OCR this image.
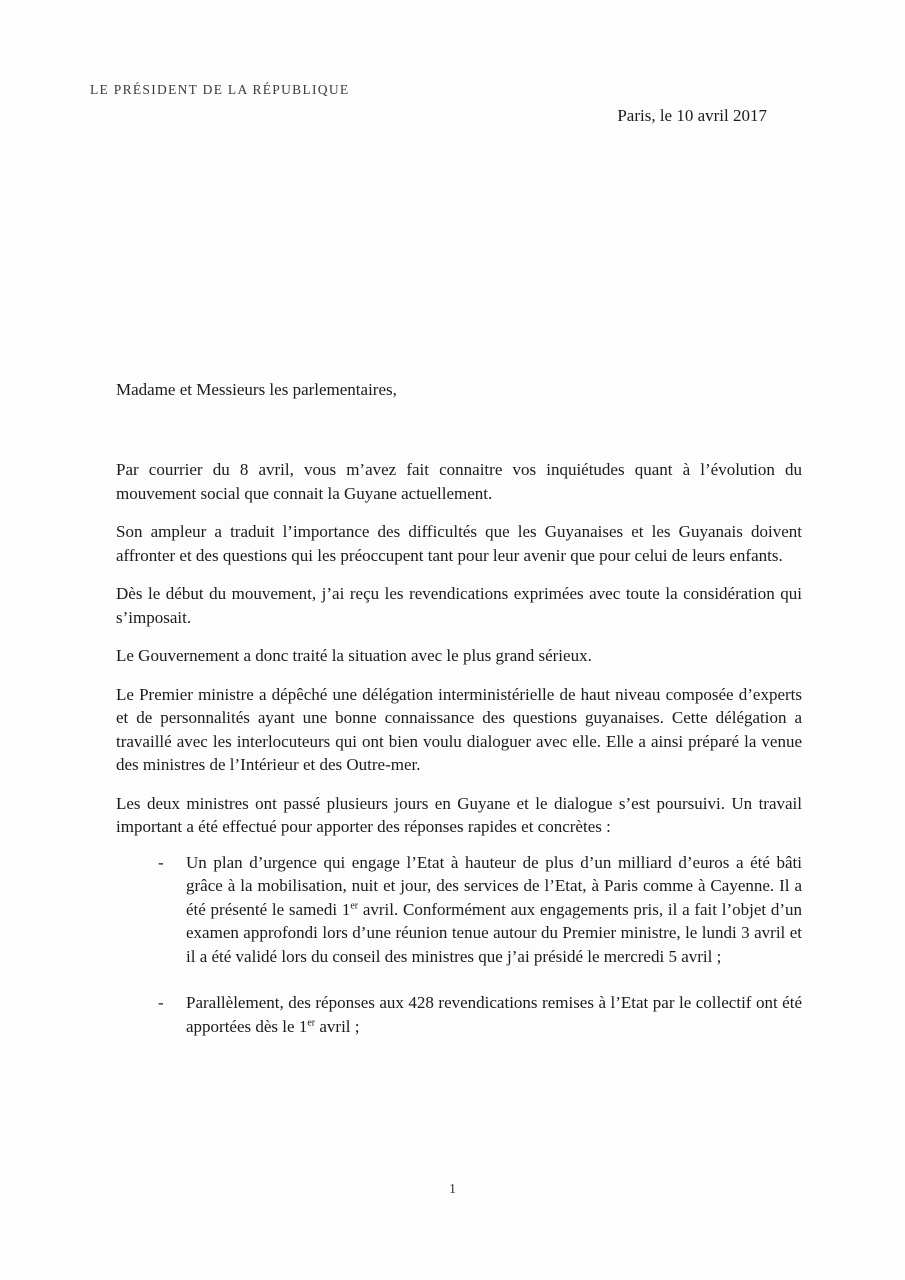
LE PRÉSIDENT DE LA RÉPUBLIQUE
Paris, le 10 avril 2017
Madame et Messieurs les parlementaires,

Par courrier du 8 avril, vous m’avez fait connaitre vos inquiétudes quant à l’évolution du mouvement social que connait la Guyane actuellement.

Son ampleur a traduit l’importance des difficultés que les Guyanaises et les Guyanais doivent affronter et des questions qui les préoccupent tant pour leur avenir que pour celui de leurs enfants.

Dès le début du mouvement, j’ai reçu les revendications exprimées avec toute la considération qui s’imposait.

Le Gouvernement a donc traité la situation avec le plus grand sérieux.

Le Premier ministre a dépêché une délégation interministérielle de haut niveau composée d’experts et de personnalités ayant une bonne connaissance des questions guyanaises. Cette délégation a travaillé avec les interlocuteurs qui ont bien voulu dialoguer avec elle. Elle a ainsi préparé la venue des ministres de l’Intérieur et des Outre-mer.

Les deux ministres ont passé plusieurs jours en Guyane et le dialogue s’est poursuivi. Un travail important a été effectué pour apporter des réponses rapides et concrètes :

- Un plan d’urgence qui engage l’Etat à hauteur de plus d’un milliard d’euros a été bâti grâce à la mobilisation, nuit et jour, des services de l’Etat, à Paris comme à Cayenne. Il a été présenté le samedi 1er avril. Conformément aux engagements pris, il a fait l’objet d’un examen approfondi lors d’une réunion tenue autour du Premier ministre, le lundi 3 avril et il a été validé lors du conseil des ministres que j’ai présidé le mercredi 5 avril ;
- Parallèlement, des réponses aux 428 revendications remises à l’Etat par le collectif ont été apportées dès le 1er avril ;
1
